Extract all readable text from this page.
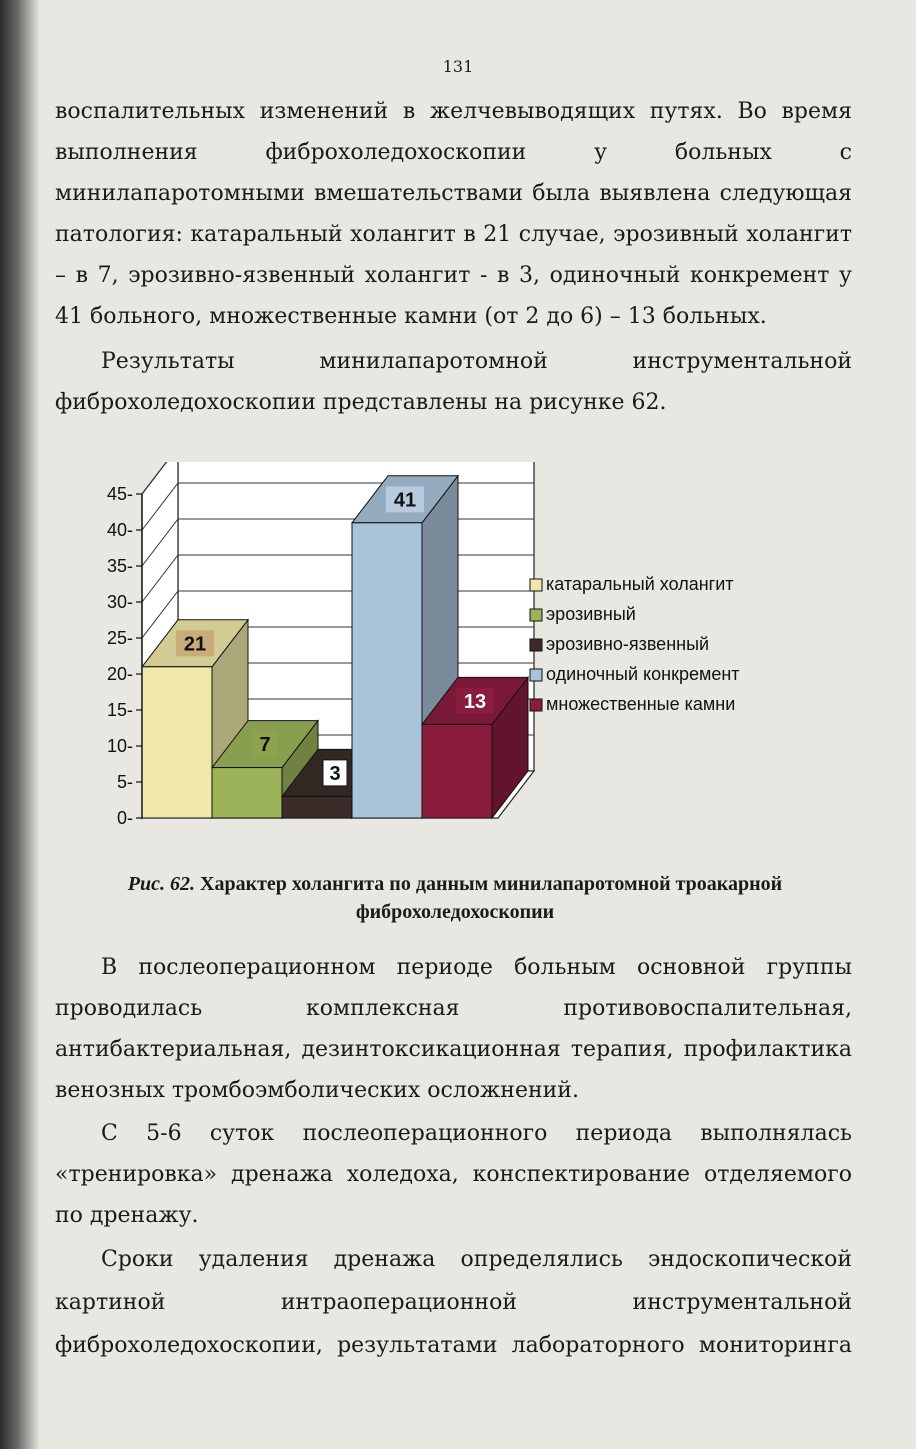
131
воспалительных изменений в желчевыводящих путях. Во время
выполнения фиброхоледохоскопии у больных с
минилапаротомными вмешательствами была выявлена следующая
патология: катаральный холангит в 21 случае, эрозивный холангит
– в 7, эрозивно-язвенный холангит - в 3, одиночный конкремент у
41 больного, множественные камни (от 2 до 6) – 13 больных.
Результаты минилапаротомной инструментальной
фиброхоледохоскопии представлены на рисунке 62.
21
7
3
41
13
0-
5-
10-
15-
20-
25-
30-
35-
40-
45-
катаральный холангит
эрозивный
эрозивно-язвенный
одиночный конкремент
множественные камни
Рис. 62. Характер холангита по данным минилапаротомной троакарной фиброхоледохоскопии
В послеоперационном периоде больным основной группы
проводилась комплексная противовоспалительная,
антибактериальная, дезинтоксикационная терапия, профилактика
венозных тромбоэмболических осложнений.
С 5-6 суток послеоперационного периода выполнялась
«тренировка» дренажа холедоха, конспектирование отделяемого
по дренажу.
Сроки удаления дренажа определялись эндоскопической
картиной интраоперационной инструментальной
фиброхоледохоскопии, результатами лабораторного мониторинга
